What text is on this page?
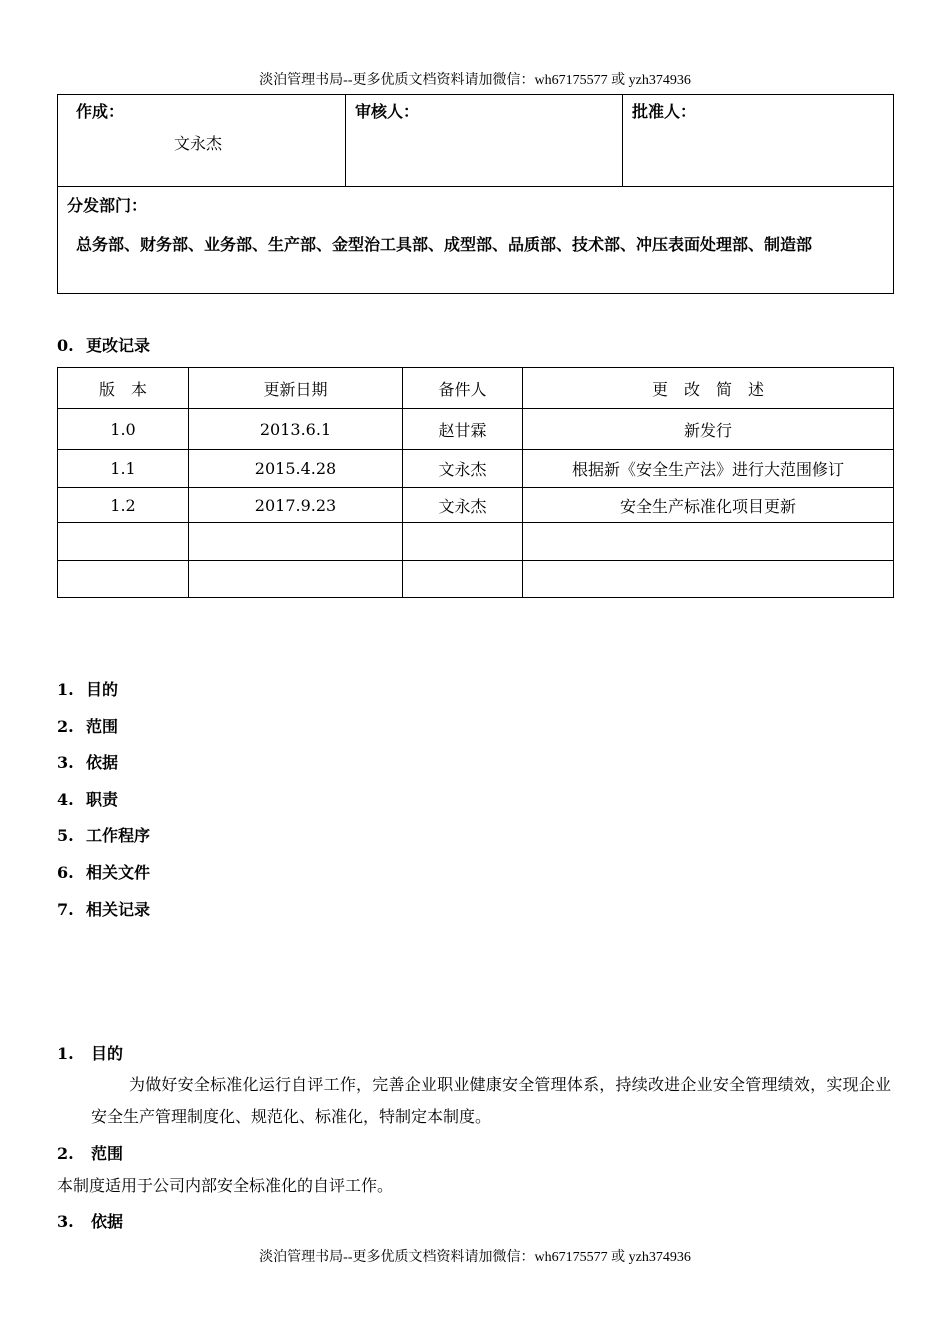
淡泊管理书局--更多优质文档资料请加微信：wh67175577 或 yzh374936
作成：
文永杰

审核人：	批准人：

分发部门：
总务部、财务部、业务部、生产部、金型治工具部、成型部、品质部、技术部、冲压表面处理部、制造部
0. 更改记录
版　本	更新日期	备件人	更　改　简　述
1.0	2013.6.1	赵甘霖	新发行
1.1	2015.4.28	文永杰	根据新《安全生产法》进行大范围修订
1.2	2017.9.23	文永杰	安全生产标准化项目更新

1. 目的
2. 范围
3. 依据
4. 职责
5. 工作程序
6. 相关文件
7. 相关记录
1. 目的
为做好安全标准化运行自评工作，完善企业职业健康安全管理体系，持续改进企业安全管理绩效，实现企业安全生产管理制度化、规范化、标准化，特制定本制度。
2. 范围
本制度适用于公司内部安全标准化的自评工作。
3. 依据
淡泊管理书局--更多优质文档资料请加微信：wh67175577 或 yzh374936
